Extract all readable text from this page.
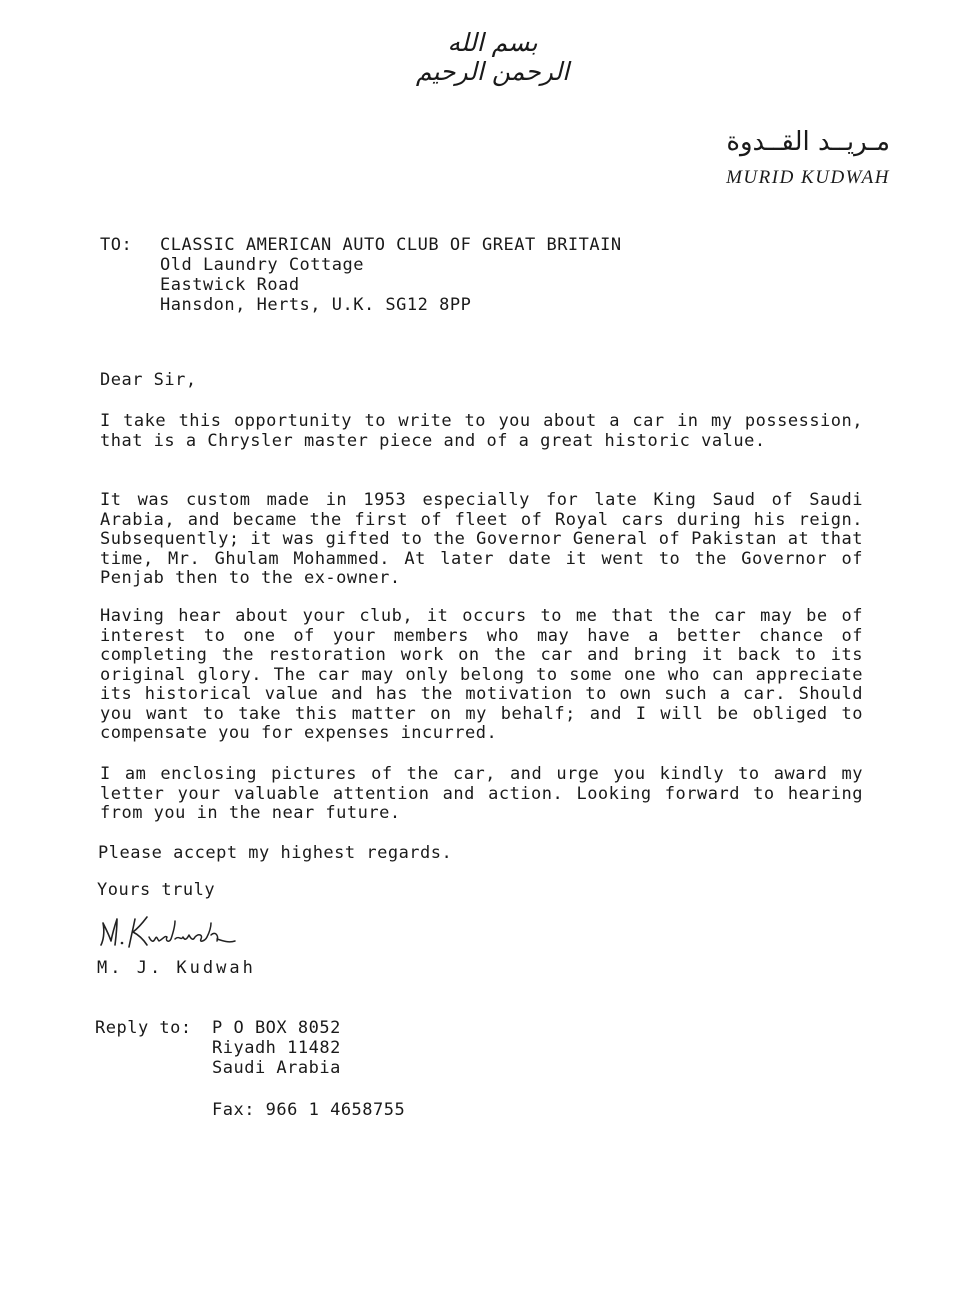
بسم الله الرحمن الرحيم
مـريــد القــدوة
MURID KUDWAH
TO: CLASSIC AMERICAN AUTO CLUB OF GREAT BRITAIN
Old Laundry Cottage
Eastwick Road
Hansdon, Herts, U.K. SG12 8PP
Dear Sir,
I take this opportunity to write to you about a car in my possession, that is a Chrysler master piece and of a great historic value.
It was custom made in 1953 especially for late King Saud of Saudi Arabia, and became the first of fleet of Royal cars during his reign. Subsequently; it was gifted to the Governor General of Pakistan at that time, Mr. Ghulam Mohammed. At later date it went to the Governor of Penjab then to the ex-owner.
Having hear about your club, it occurs to me that the car may be of interest to one of your members who may have a better chance of completing the restoration work on the car and bring it back to its original glory. The car may only belong to some one who can appreciate its historical value and has the motivation to own such a car. Should you want to take this matter on my behalf; and I will be obliged to compensate you for expenses incurred.
I am enclosing pictures of the car, and urge you kindly to award my letter your valuable attention and action. Looking forward to hearing from you in the near future.
Please accept my highest regards.
Yours truly
M. J. Kudwah
Reply to: P O BOX 8052
Riyadh 11482
Saudi Arabia
Fax: 966 1 4658755
